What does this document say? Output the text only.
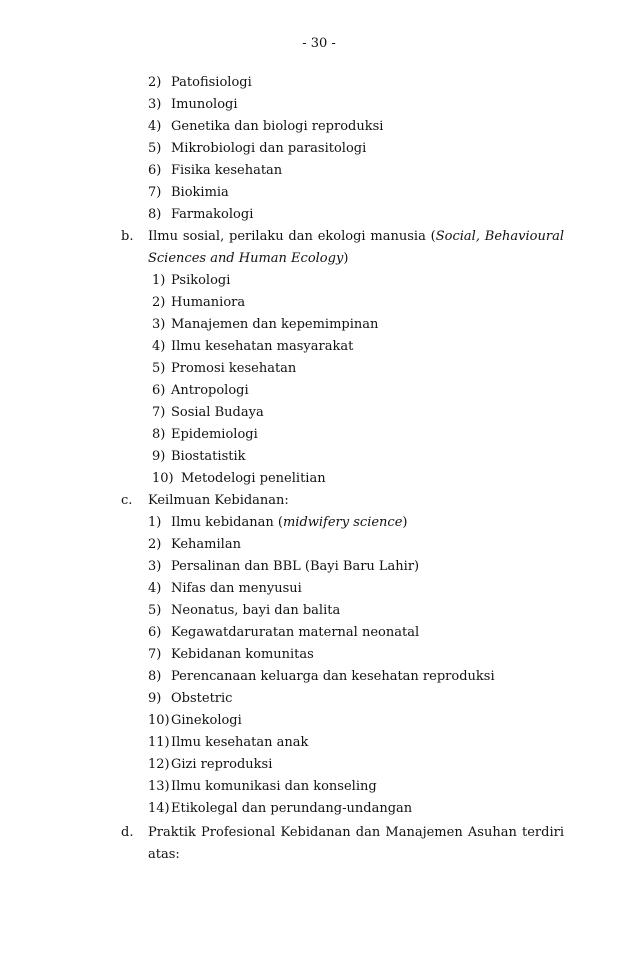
- 30 -
2) Patofisiologi
3) Imunologi
4) Genetika dan biologi reproduksi
5) Mikrobiologi dan parasitologi
6) Fisika kesehatan
7) Biokimia
8) Farmakologi
b. Ilmu sosial, perilaku dan ekologi manusia (Social, Behavioural
Sciences and Human Ecology)
1) Psikologi
2) Humaniora
3) Manajemen dan kepemimpinan
4) Ilmu kesehatan masyarakat
5) Promosi kesehatan
6) Antropologi
7) Sosial Budaya
8) Epidemiologi
9) Biostatistik
10) Metodelogi penelitian
c. Keilmuan Kebidanan:
1) Ilmu kebidanan (midwifery science)
2) Kehamilan
3) Persalinan dan BBL (Bayi Baru Lahir)
4) Nifas dan menyusui
5) Neonatus, bayi dan balita
6) Kegawatdaruratan maternal neonatal
7) Kebidanan komunitas
8) Perencanaan keluarga dan kesehatan reproduksi
9) Obstetric
10) Ginekologi
11) Ilmu kesehatan anak
12) Gizi reproduksi
13) Ilmu komunikasi dan konseling
14) Etikolegal dan perundang-undangan
d. Praktik Profesional Kebidanan dan Manajemen Asuhan terdiri
atas:
